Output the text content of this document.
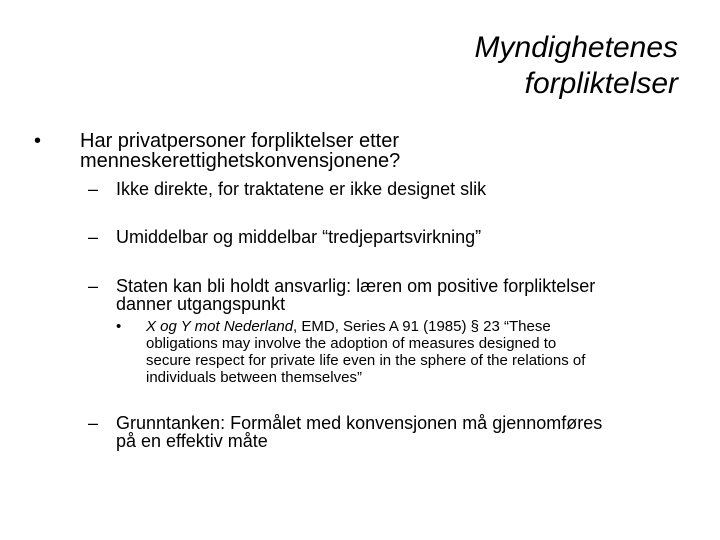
Myndighetenes
forpliktelser
• Har privatpersoner forpliktelser etter
menneskerettighetskonvensjonene?
– Ikke direkte, for traktatene er ikke designet slik
– Umiddelbar og middelbar “tredjepartsvirkning”
– Staten kan bli holdt ansvarlig: læren om positive forpliktelser
danner utgangspunkt
• X og Y mot Nederland, EMD, Series A 91 (1985) § 23 “These
obligations may involve the adoption of measures designed to
secure respect for private life even in the sphere of the relations of
individuals between themselves”
– Grunntanken: Formålet med konvensjonen må gjennomføres
på en effektiv måte
